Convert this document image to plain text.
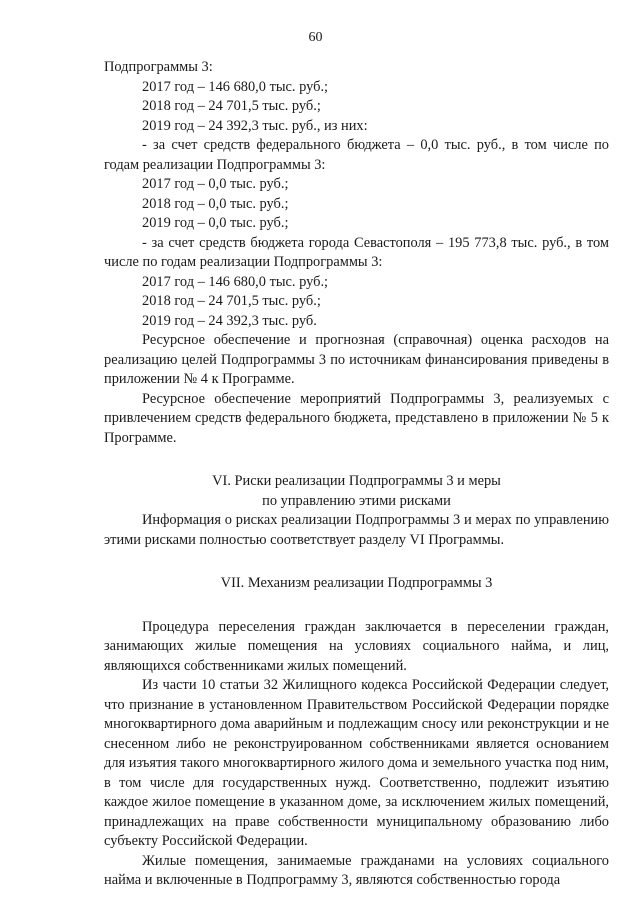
60

Подпрограммы 3:

2017 год – 146 680,0 тыс. руб.;

2018 год – 24 701,5 тыс. руб.;

2019 год – 24 392,3 тыс. руб., из них:

- за счет средств федерального бюджета – 0,0 тыс. руб., в том числе по годам реализации Подпрограммы 3:

2017 год – 0,0 тыс. руб.;

2018 год – 0,0 тыс. руб.;

2019 год – 0,0 тыс. руб.;

- за счет средств бюджета города Севастополя – 195 773,8 тыс. руб., в том числе по годам реализации Подпрограммы 3:

2017 год – 146 680,0 тыс. руб.;

2018 год – 24 701,5 тыс. руб.;

2019 год – 24 392,3 тыс. руб.

Ресурсное обеспечение и прогнозная (справочная) оценка расходов на реализацию целей Подпрограммы 3 по источникам финансирования приведены в приложении № 4 к Программе.

Ресурсное обеспечение мероприятий Подпрограммы 3, реализуемых с привлечением средств федерального бюджета, представлено в приложении № 5 к Программе.

VI. Риски реализации Подпрограммы 3 и меры
по управлению этими рисками

Информация о рисках реализации Подпрограммы 3 и мерах по управлению этими рисками полностью соответствует разделу VI Программы.

VII. Механизм реализации Подпрограммы 3

Процедура переселения граждан заключается в переселении граждан, занимающих жилые помещения на условиях социального найма, и лиц, являющихся собственниками жилых помещений.

Из части 10 статьи 32 Жилищного кодекса Российской Федерации следует, что признание в установленном Правительством Российской Федерации порядке многоквартирного дома аварийным и подлежащим сносу или реконструкции и не снесенном либо не реконструированном собственниками является основанием для изъятия такого многоквартирного жилого дома и земельного участка под ним, в том числе для государственных нужд. Соответственно, подлежит изъятию каждое жилое помещение в указанном доме, за исключением жилых помещений, принадлежащих на праве собственности муниципальному образованию либо субъекту Российской Федерации.

Жилые помещения, занимаемые гражданами на условиях социального найма и включенные в Подпрограмму 3, являются собственностью города
